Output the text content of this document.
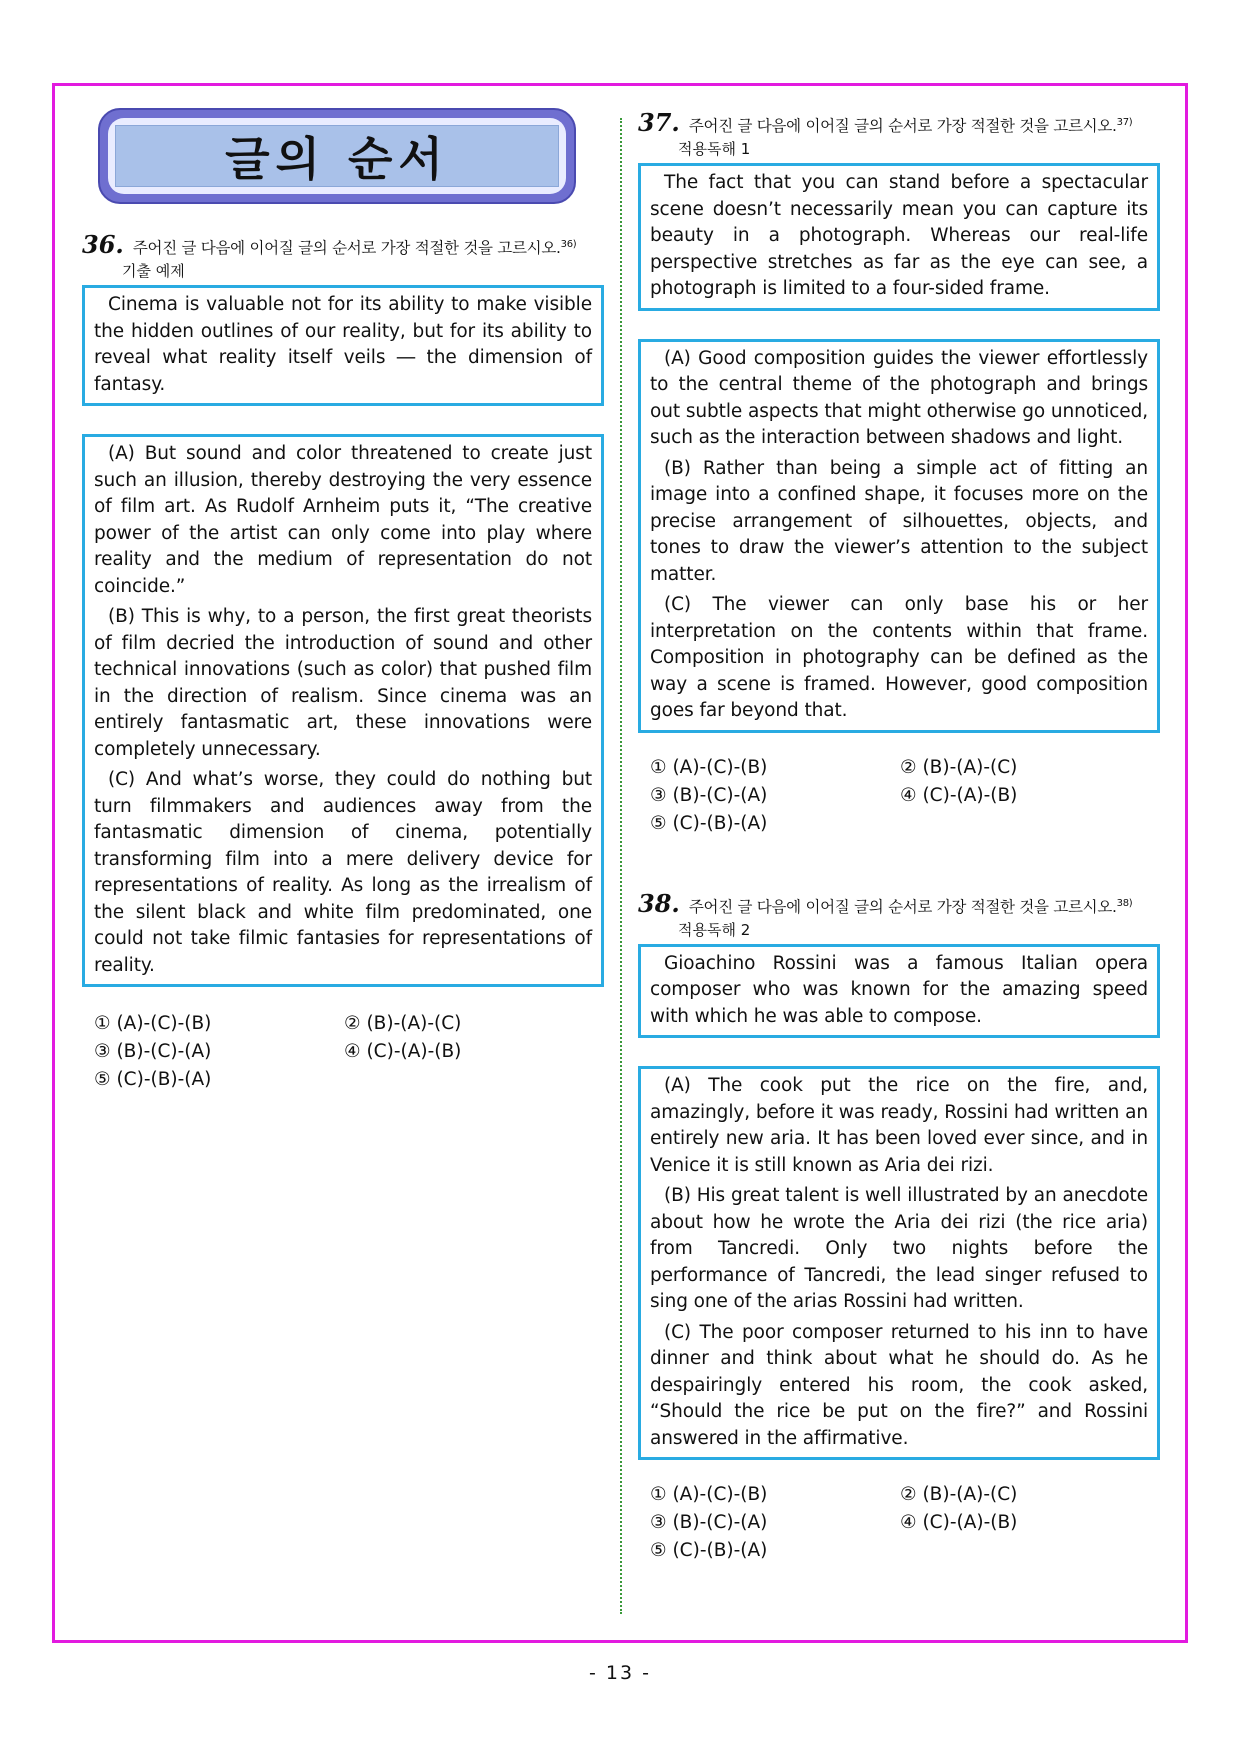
글의 순서
36. 주어진 글 다음에 이어질 글의 순서로 가장 적절한 것을 고르시오.$^{36)}$
기출 예제

Cinema is valuable not for its ability to make visible the hidden outlines of our reality, but for its ability to reveal what reality itself veils ― the dimension of fantasy.

(A) But sound and color threatened to create just such an illusion, thereby destroying the very essence of film art. As Rudolf Arnheim puts it, “The creative power of the artist can only come into play where reality and the medium of representation do not coincide.”

(B) This is why, to a person, the first great theorists of film decried the introduction of sound and other technical innovations (such as color) that pushed film in the direction of realism. Since cinema was an entirely fantasmatic art, these innovations were completely unnecessary.

(C) And what’s worse, they could do nothing but turn filmmakers and audiences away from the fantasmatic dimension of cinema, potentially transforming film into a mere delivery device for representations of reality. As long as the irrealism of the silent black and white film predominated, one could not take filmic fantasies for representations of reality.

① (A)-(C)-(B)	② (B)-(A)-(C)
③ (B)-(C)-(A)	④ (C)-(A)-(B)
⑤ (C)-(B)-(A)
37. 주어진 글 다음에 이어질 글의 순서로 가장 적절한 것을 고르시오.$^{37)}$
적용독해 1

The fact that you can stand before a spectacular scene doesn’t necessarily mean you can capture its beauty in a photograph. Whereas our real-life perspective stretches as far as the eye can see, a photograph is limited to a four-sided frame.

(A) Good composition guides the viewer effortlessly to the central theme of the photograph and brings out subtle aspects that might otherwise go unnoticed, such as the interaction between shadows and light.

(B) Rather than being a simple act of fitting an image into a confined shape, it focuses more on the precise arrangement of silhouettes, objects, and tones to draw the viewer’s attention to the subject matter.

(C) The viewer can only base his or her interpretation on the contents within that frame. Composition in photography can be defined as the way a scene is framed. However, good composition goes far beyond that.

① (A)-(C)-(B)	② (B)-(A)-(C)
③ (B)-(C)-(A)	④ (C)-(A)-(B)
⑤ (C)-(B)-(A)
38. 주어진 글 다음에 이어질 글의 순서로 가장 적절한 것을 고르시오.$^{38)}$
적용독해 2

Gioachino Rossini was a famous Italian opera composer who was known for the amazing speed with which he was able to compose.

(A) The cook put the rice on the fire, and, amazingly, before it was ready, Rossini had written an entirely new aria. It has been loved ever since, and in Venice it is still known as Aria dei rizi.

(B) His great talent is well illustrated by an anecdote about how he wrote the Aria dei rizi (the rice aria) from Tancredi. Only two nights before the performance of Tancredi, the lead singer refused to sing one of the arias Rossini had written.

(C) The poor composer returned to his inn to have dinner and think about what he should do. As he despairingly entered his room, the cook asked, “Should the rice be put on the fire?” and Rossini answered in the affirmative.

① (A)-(C)-(B)	② (B)-(A)-(C)
③ (B)-(C)-(A)	④ (C)-(A)-(B)
⑤ (C)-(B)-(A)
- 13 -
